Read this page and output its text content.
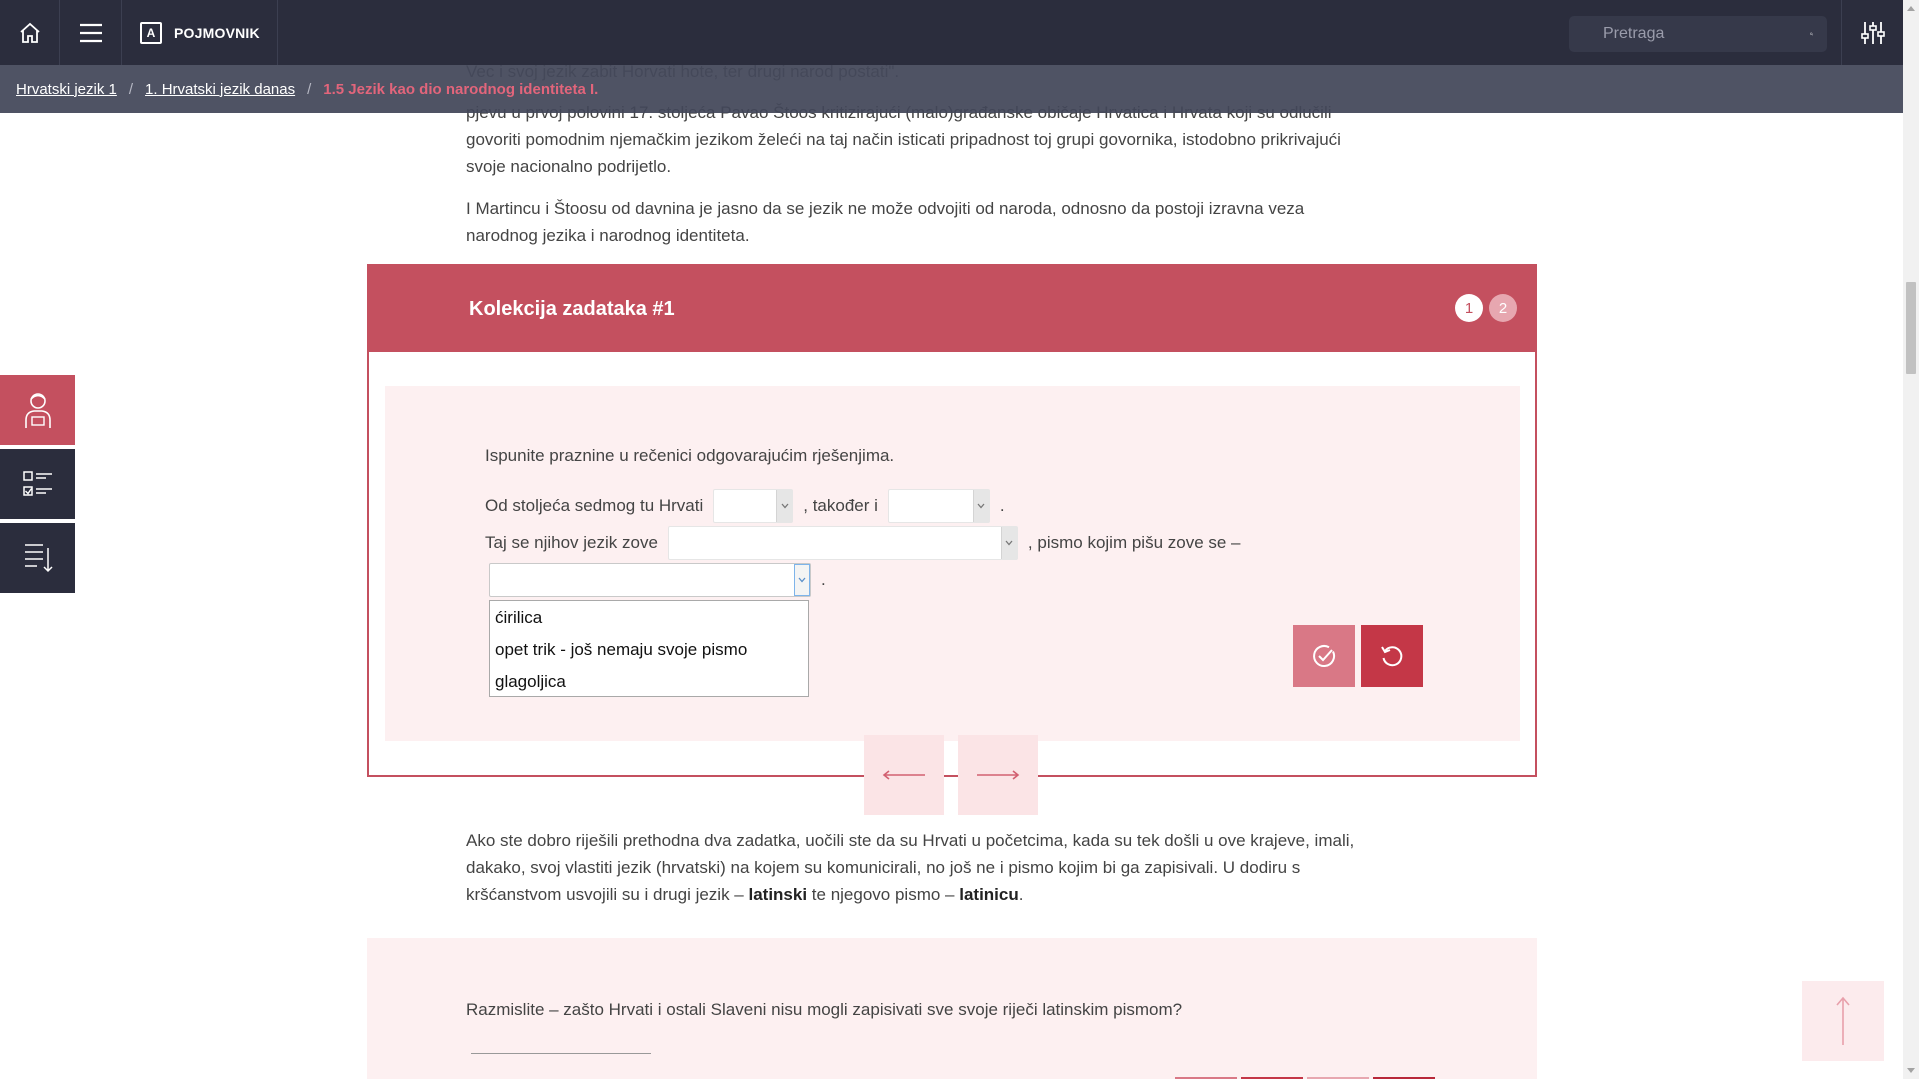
govoriti pomodnim njemačkim jezikom želeći na taj način isticati pripadnost toj grupi govornika, istodobno prikrivajući
svoje nacionalno podrijetlo.
I Martincu i Štoosu od davnina je jasno da se jezik ne može odvojiti od naroda, odnosno da postoji izravna veza
narodnog jezika i narodnog identiteta.
Kolekcija zadataka #1	1	2
Ispunite praznine u rečenici odgovarajućim rješenjima.
Od stoljeća sedmog tu Hrvati	, također i	.
Taj se njihov jezik zove	, pismo kojim pišu zove se –
.
ćirilica
opet trik - još nemaju svoje pismo
glagoljica
Ako ste dobro riješili prethodna dva zadatka, uočili ste da su Hrvati u početcima, kada su tek došli u ove krajeve, imali,
dakako, svoj vlastiti jezik (hrvatski) na kojem su komunicirali, no još ne i pismo kojim bi ga zapisivali. U dodiru s
kršćanstvom usvojili su i drugi jezik – latinski te njegovo pismo – latinicu.
Razmislite – zašto Hrvati i ostali Slaveni nisu mogli zapisivati sve svoje riječi latinskim pismom?
A	POJMOVNIK
Pretraga
Hrvatski jezik 1 / 1. Hrvatski jezik danas / 1.5 Jezik kao dio narodnog identiteta I.
